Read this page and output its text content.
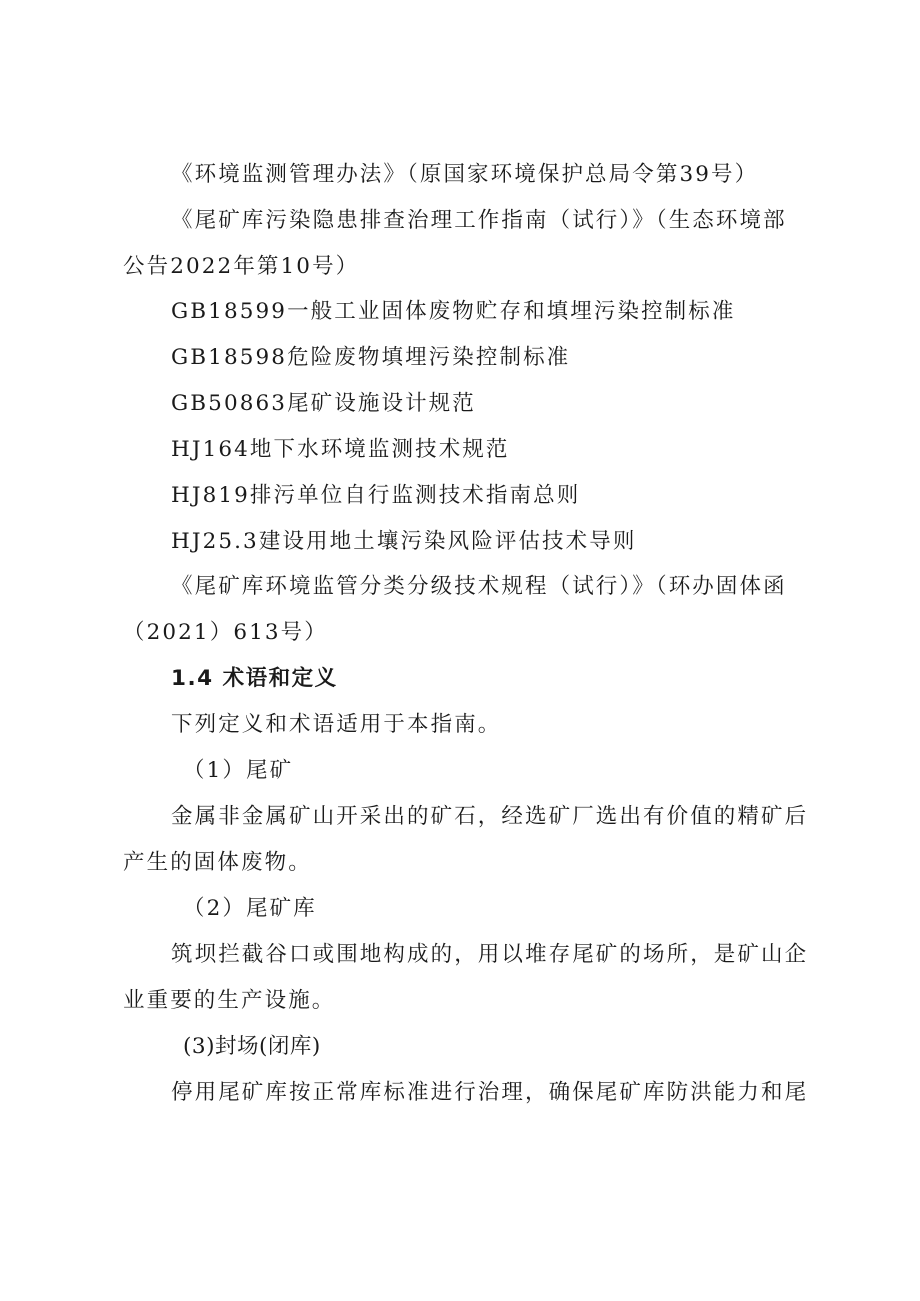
《环境监测管理办法》（原国家环境保护总局令第39号）
《尾矿库污染隐患排查治理工作指南（试行）》（生态环境部
公告2022年第10号）
GB18599一般工业固体废物贮存和填埋污染控制标准
GB18598危险废物填埋污染控制标准
GB50863尾矿设施设计规范
HJ164地下水环境监测技术规范
HJ819排污单位自行监测技术指南总则
HJ25.3建设用地土壤污染风险评估技术导则
《尾矿库环境监管分类分级技术规程（试行）》（环办固体函
（2021）613号）
1.4 术语和定义
下列定义和术语适用于本指南。
（1）尾矿
金属非金属矿山开采出的矿石，经选矿厂选出有价值的精矿后
产生的固体废物。
（2）尾矿库
筑坝拦截谷口或围地构成的，用以堆存尾矿的场所，是矿山企
业重要的生产设施。
(3)封场(闭库)
停用尾矿库按正常库标准进行治理，确保尾矿库防洪能力和尾
